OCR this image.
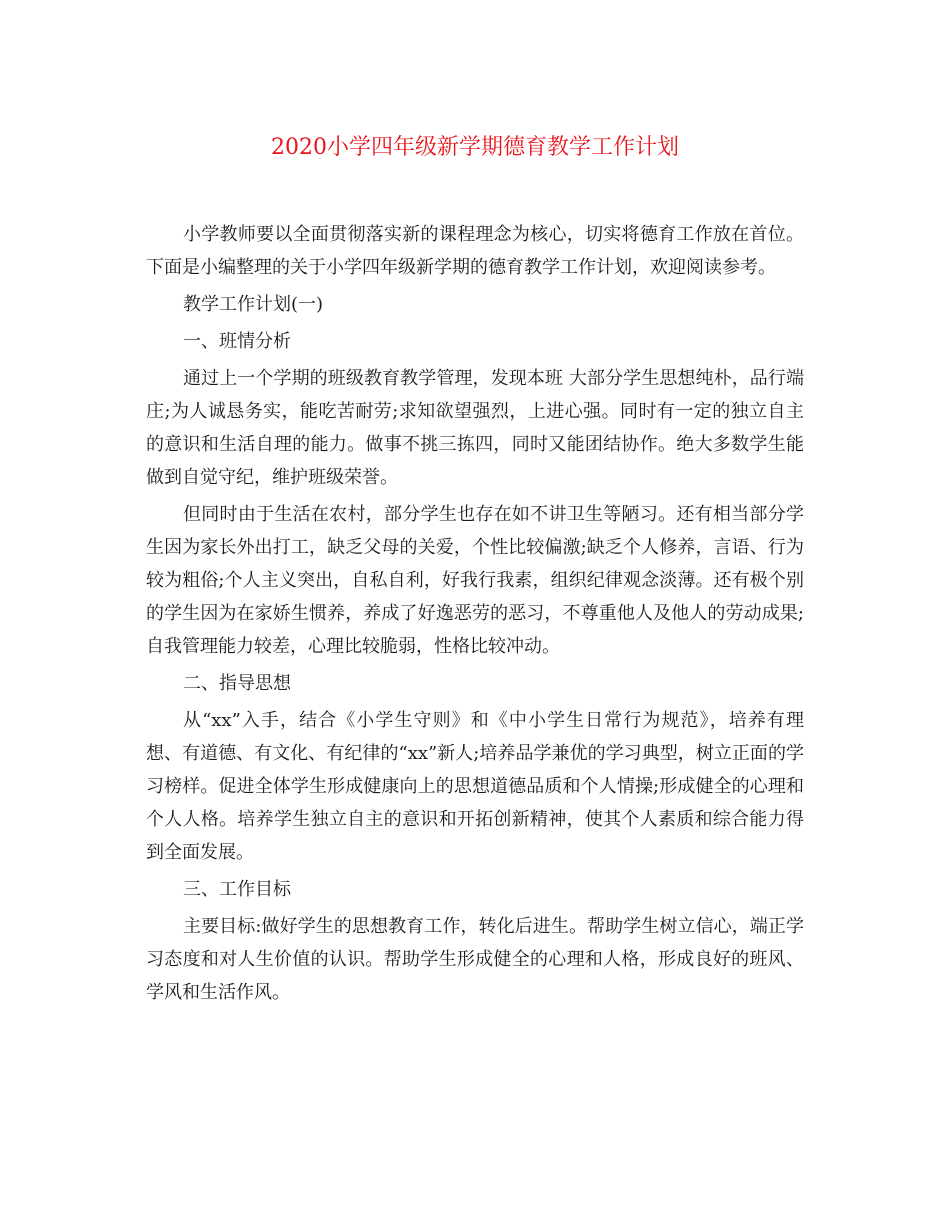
2020小学四年级新学期德育教学工作计划

小学教师要以全面贯彻落实新的课程理念为核心，切实将德育工作放在首位。下面是小编整理的关于小学四年级新学期的德育教学工作计划，欢迎阅读参考。

教学工作计划(一)

一、班情分析

通过上一个学期的班级教育教学管理，发现本班 大部分学生思想纯朴，品行端庄;为人诚恳务实，能吃苦耐劳;求知欲望强烈，上进心强。同时有一定的独立自主的意识和生活自理的能力。做事不挑三拣四，同时又能团结协作。绝大多数学生能做到自觉守纪，维护班级荣誉。

但同时由于生活在农村，部分学生也存在如不讲卫生等陋习。还有相当部分学生因为家长外出打工，缺乏父母的关爱，个性比较偏激;缺乏个人修养，言语、行为较为粗俗;个人主义突出，自私自利，好我行我素，组织纪律观念淡薄。还有极个别的学生因为在家娇生惯养，养成了好逸恶劳的恶习，不尊重他人及他人的劳动成果;自我管理能力较差，心理比较脆弱，性格比较冲动。

二、指导思想

从“xx”入手，结合《小学生守则》和《中小学生日常行为规范》，培养有理想、有道德、有文化、有纪律的“xx”新人;培养品学兼优的学习典型，树立正面的学习榜样。促进全体学生形成健康向上的思想道德品质和个人情操;形成健全的心理和个人人格。培养学生独立自主的意识和开拓创新精神，使其个人素质和综合能力得到全面发展。

三、工作目标

主要目标:做好学生的思想教育工作，转化后进生。帮助学生树立信心，端正学习态度和对人生价值的认识。帮助学生形成健全的心理和人格，形成良好的班风、学风和生活作风。
